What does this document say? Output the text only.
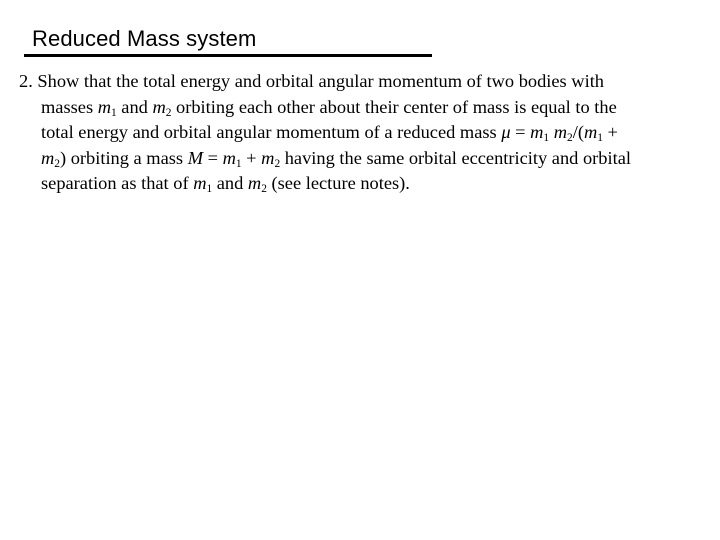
Reduced Mass system
2. Show that the total energy and orbital angular momentum of two bodies with
masses $m_1$ and $m_2$ orbiting each other about their center of mass is equal to the
total energy and orbital angular momentum of a reduced mass $\mu = m_1$ $m_2/(m_1$ +
$m_2$) orbiting a mass $M = m_1 + m_2$ having the same orbital eccentricity and orbital
separation as that of $m_1$ and $m_2$ (see lecture notes).
